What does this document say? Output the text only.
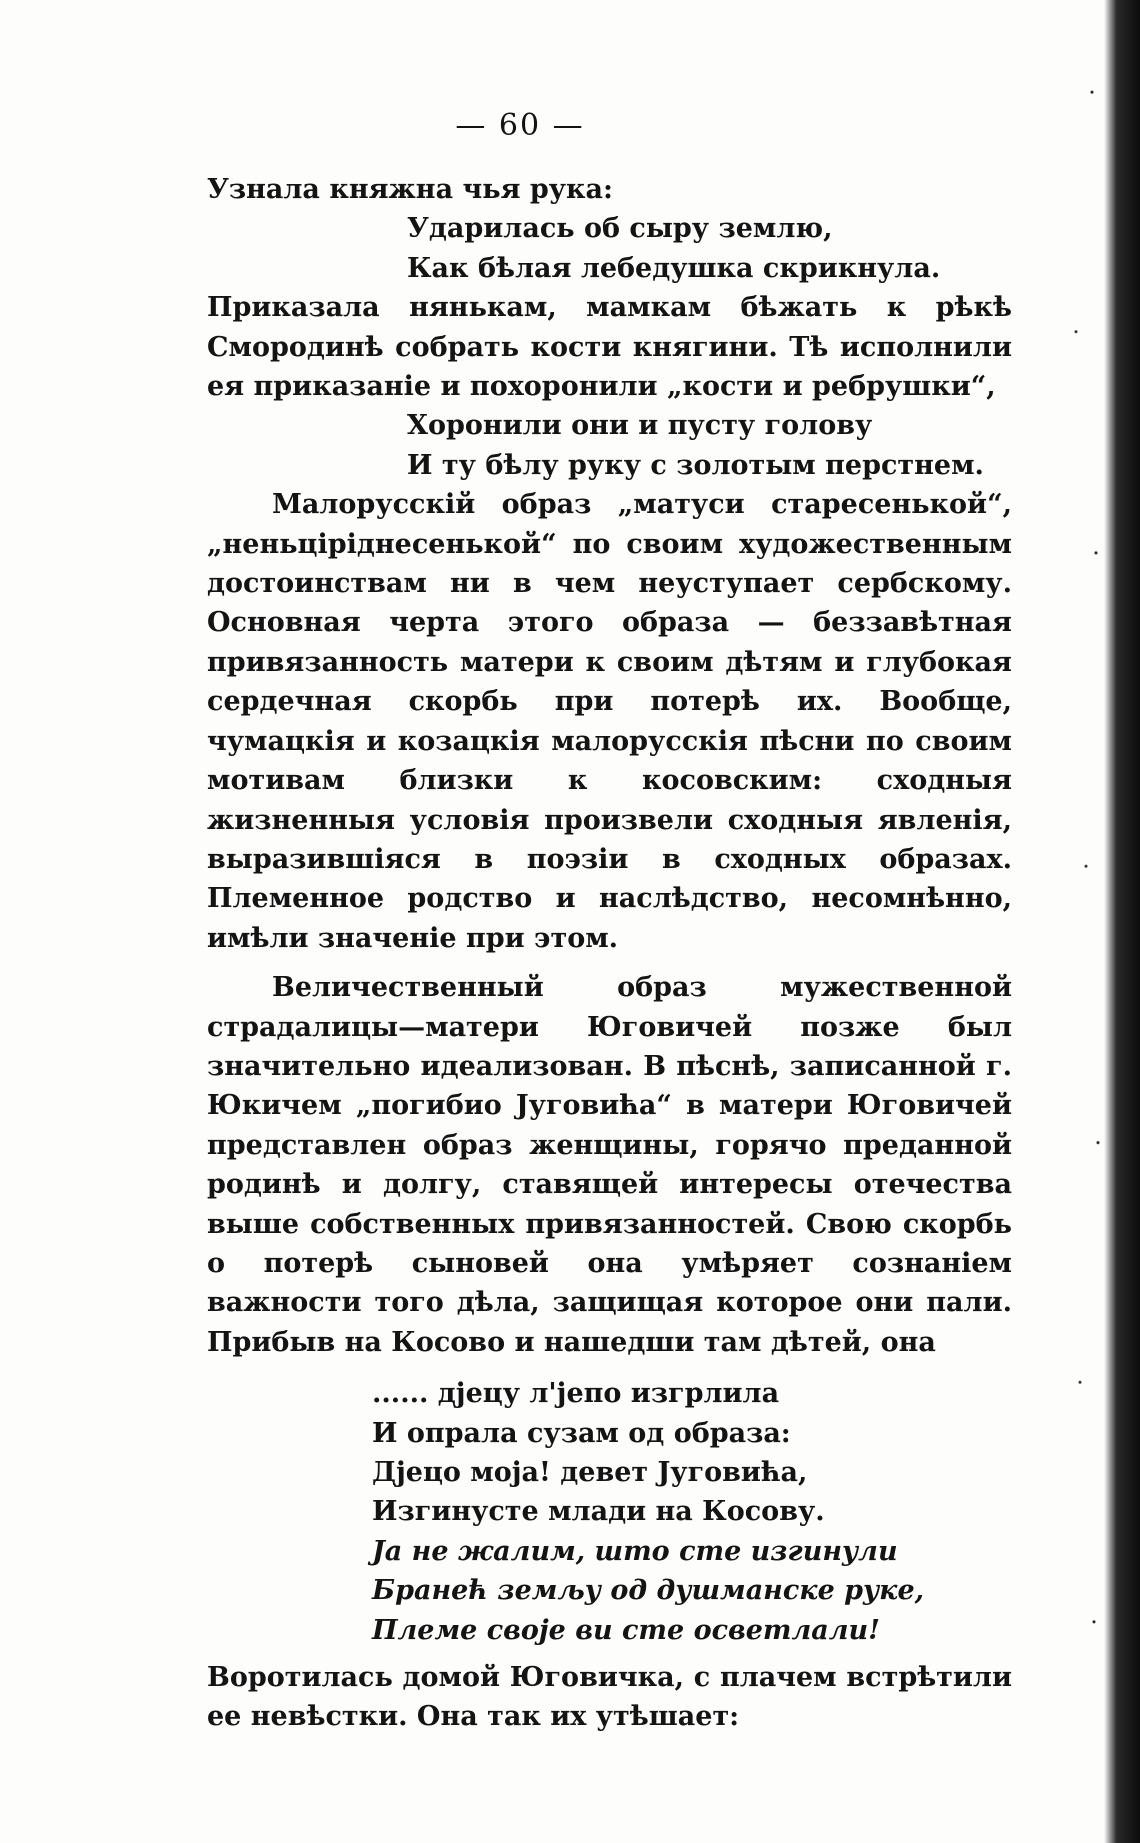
— 60 —

Узнала княжна чья рука:

Ударилась об сыру землю,
Как бѣлая лебедушка скрикнула.

Приказала нянькам, мамкам бѣжать к рѣкѣ Смородинѣ собрать кости княгини. Тѣ исполнили ея приказаніе и похоронили „кости и ребрушки“,

Хоронили они и пусту голову
И ту бѣлу руку с золотым перстнем.

Малорусскій образ „матуси старесенькой“, „неньціріднесенькой“ по своим художественным достоинствам ни в чем неуступает сербскому. Основная черта этого образа — беззавѣтная привязанность матери к своим дѣтям и глубокая сердечная скорбь при потерѣ их. Вообще, чумацкія и козацкія малорусскія пѣсни по своим мотивам близки к косовским: сходныя жизненныя условія произвели сходныя явленія, выразившіяся в поэзіи в сходных образах. Племенное родство и наслѣдство, несомнѣнно, имѣли значеніе при этом.

Величественный образ мужественной страдалицы—матери Юговичей позже был значительно идеализован. В пѣснѣ, записанной г. Юкичем „погибио Југовића“ в матери Юговичей представлен образ женщины, горячо преданной родинѣ и долгу, ставящей интересы отечества выше собственных привязанностей. Свою скорбь о потерѣ сыновей она умѣряет сознаніем важности того дѣла, защищая которое они пали. Прибыв на Косово и нашедши там дѣтей, она

...... дјецу л'јепо изгрлила
И опрала сузам од образа:
Дјецо моја! девет Југовића,
Изгинусте млади на Косову.
Ја не жалим, што сте изгинули
Бранећ земљу од душманске руке,
Племе своје ви сте осветлали!

Воротилась домой Юговичка, с плачем встрѣтили ее невѣстки. Она так их утѣшает:
